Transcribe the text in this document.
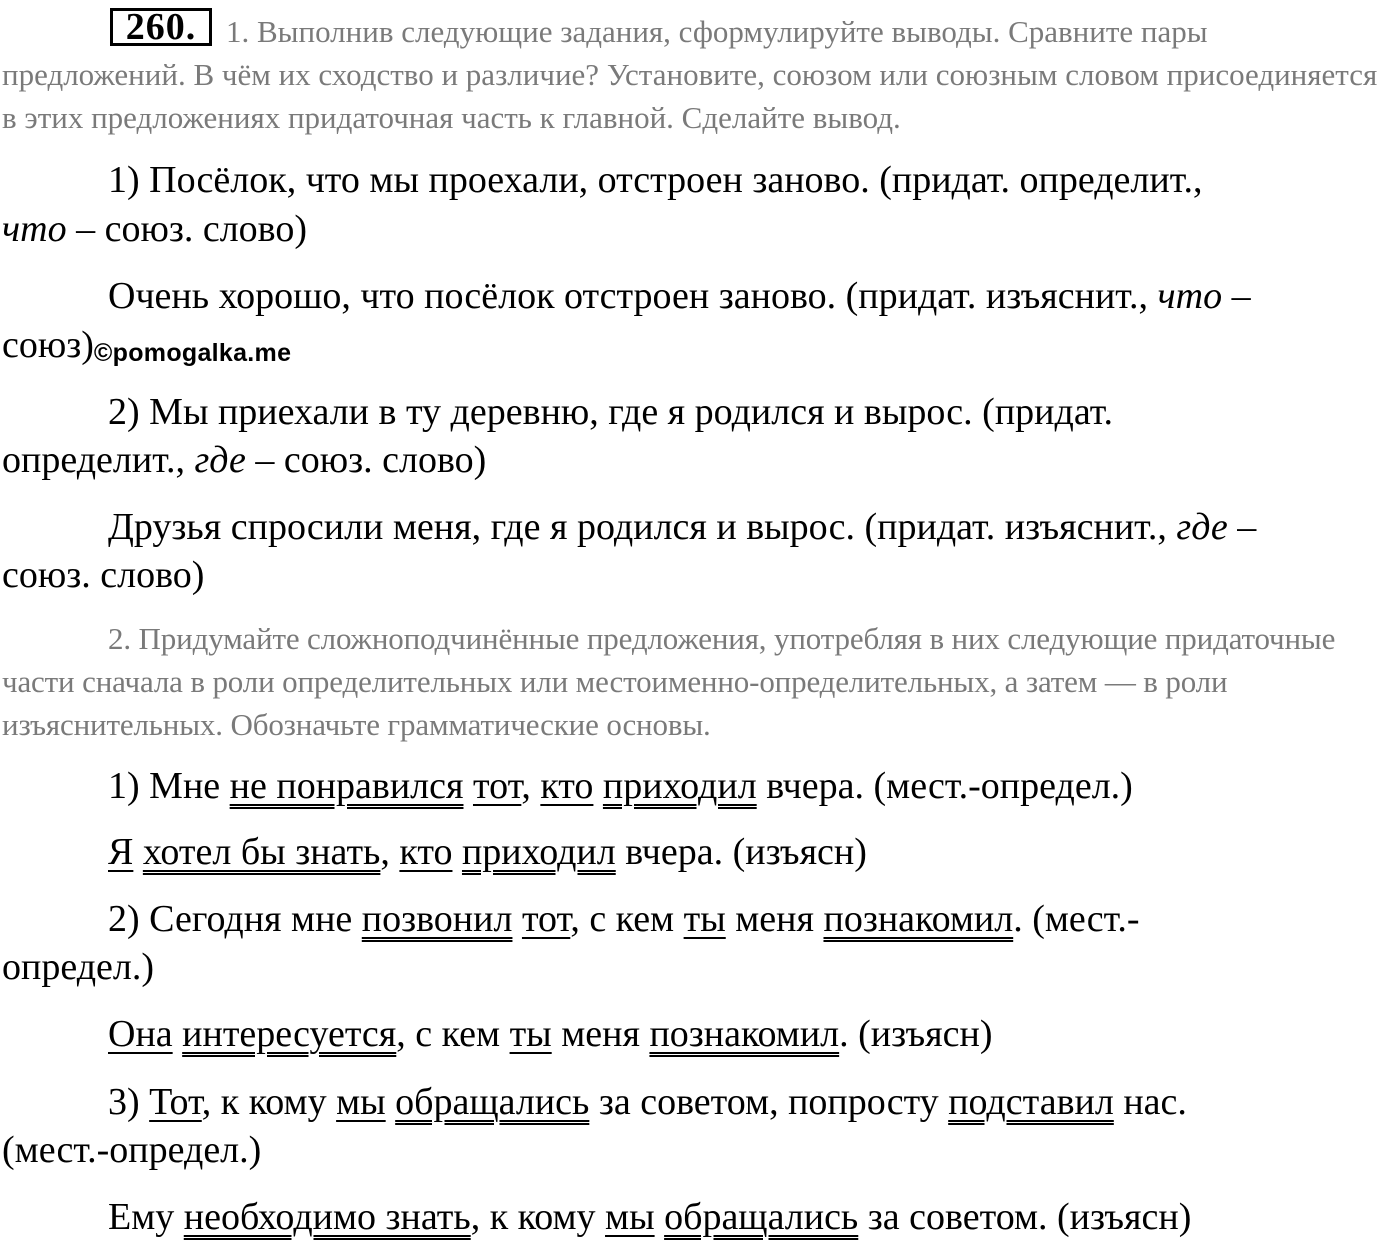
260. 1. Выполнив следующие задания, сформулируйте выводы. Сравните пары предложений. В чём их сходство и различие? Установите, союзом или союзным словом присоединяется в этих предложениях придаточная часть к главной. Сделайте вывод.

1) Посёлок, что мы проехали, отстроен заново. (придат. определит.,

что – союз. слово)

Очень хорошо, что посёлок отстроен заново. (придат. изъяснит., что –

союз)©pomogalka.me

2) Мы приехали в ту деревню, где я родился и вырос. (придат.

определит., где – союз. слово)

Друзья спросили меня, где я родился и вырос. (придат. изъяснит., где –

союз. слово)

2. Придумайте сложноподчинённые предложения, употребляя в них следующие придаточные части сначала в роли определительных или местоименно-определительных, а затем — в роли изъяснительных. Обозначьте грамматические основы.

1) Мне не понравился тот, кто приходил вчера. (мест.-определ.)

Я хотел бы знать, кто приходил вчера. (изъясн)

2) Сегодня мне позвонил тот, с кем ты меня познакомил. (мест.-

определ.)

Она интересуется, с кем ты меня познакомил. (изъясн)

3) Тот, к кому мы обращались за советом, попросту подставил нас.

(мест.-определ.)

Ему необходимо знать, к кому мы обращались за советом. (изъясн)
